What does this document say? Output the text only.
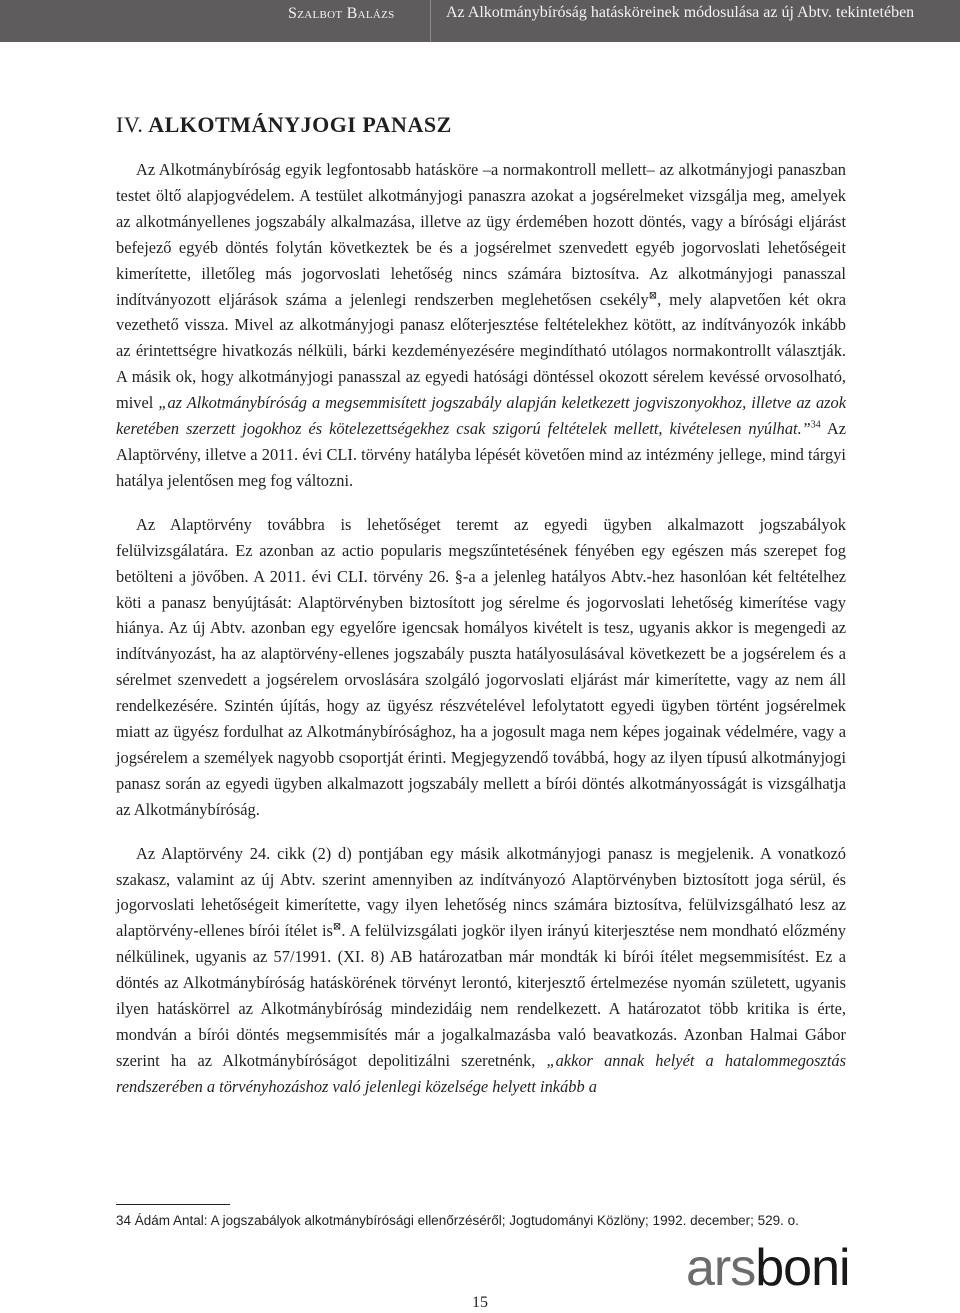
Szalbot Balázs	Az Alkotmánybíróság hatásköreinek módosulása az új Abtv. tekintetében
IV. ALKOTMÁNYJOGI PANASZ

Az Alkotmánybíróság egyik legfontosabb hatásköre –a normakontroll mellett– az alkotmányjogi panaszban testet öltő alapjogvédelem. A testület alkotmányjogi panaszra azokat a jogsérelmeket vizsgálja meg, amelyek az alkotmányellenes jogszabály alkalmazása, illetve az ügy érdemében hozott döntés, vagy a bírósági eljárást befejező egyéb döntés folytán következtek be és a jogsérelmet szenvedett egyéb jogorvoslati lehetőségeit kimerítette, illetőleg más jogorvoslati lehetőség nincs számára biztosítva. Az alkotmányjogi panasszal indítványozott eljárások száma a jelenlegi rendszerben meglehetősen csekély⊠, mely alapvetően két okra vezethető vissza. Mivel az alkotmányjogi panasz előterjesztése feltételekhez kötött, az indítványozók inkább az érintettségre hivatkozás nélküli, bárki kezdeményezésére megindítható utólagos normakontrollt választják. A másik ok, hogy alkotmányjogi panasszal az egyedi hatósági döntéssel okozott sérelem kevéssé orvosolható, mivel „az Alkotmánybíróság a megsemmisített jogszabály alapján keletkezett jogviszonyokhoz, illetve az azok keretében szerzett jogokhoz és kötelezettségekhez csak szigorú feltételek mellett, kivételesen nyúlhat.”$^{34}$ Az Alaptörvény, illetve a 2011. évi CLI. törvény hatályba lépését követően mind az intézmény jellege, mind tárgyi hatálya jelentősen meg fog változni.

Az Alaptörvény továbbra is lehetőséget teremt az egyedi ügyben alkalmazott jogszabályok felülvizsgálatára. Ez azonban az actio popularis megszűntetésének fényében egy egészen más szerepet fog betölteni a jövőben. A 2011. évi CLI. törvény 26. §-a a jelenleg hatályos Abtv.-hez hasonlóan két feltételhez köti a panasz benyújtását: Alaptörvényben biztosított jog sérelme és jogorvoslati lehetőség kimerítése vagy hiánya. Az új Abtv. azonban egy egyelőre igencsak homályos kivételt is tesz, ugyanis akkor is megengedi az indítványozást, ha az alaptörvény-ellenes jogszabály puszta hatályosulásával következett be a jogsérelem és a sérelmet szenvedett a jogsérelem orvoslására szolgáló jogorvoslati eljárást már kimerítette, vagy az nem áll rendelkezésére. Szintén újítás, hogy az ügyész részvételével lefolytatott egyedi ügyben történt jogsérelmek miatt az ügyész fordulhat az Alkotmánybírósághoz, ha a jogosult maga nem képes jogainak védelmére, vagy a jogsérelem a személyek nagyobb csoportját érinti. Megjegyzendő továbbá, hogy az ilyen típusú alkotmányjogi panasz során az egyedi ügyben alkalmazott jogszabály mellett a bírói döntés alkotmányosságát is vizsgálhatja az Alkotmánybíróság.

Az Alaptörvény 24. cikk (2) d) pontjában egy másik alkotmányjogi panasz is megjelenik. A vonatkozó szakasz, valamint az új Abtv. szerint amennyiben az indítványozó Alaptörvényben biztosított joga sérül, és jogorvoslati lehetőségeit kimerítette, vagy ilyen lehetőség nincs számára biztosítva, felülvizsgálható lesz az alaptörvény-ellenes bírói ítélet is⊠. A felülvizsgálati jogkör ilyen irányú kiterjesztése nem mondható előzmény nélkülinek, ugyanis az 57/1991. (XI. 8) AB határozatban már mondták ki bírói ítélet megsemmisítést. Ez a döntés az Alkotmánybíróság hatáskörének törvényt lerontó, kiterjesztő értelmezése nyomán született, ugyanis ilyen hatáskörrel az Alkotmánybíróság mindezidáig nem rendelkezett. A határozatot több kritika is érte, mondván a bírói döntés megsemmisítés már a jogalkalmazásba való beavatkozás. Azonban Halmai Gábor szerint ha az Alkotmánybíróságot depolitizálni szeretnénk, „akkor annak helyét a hatalommegosztás rendszerében a törvényhozáshoz való jelenlegi közelsége helyett inkább a

34 Ádám Antal: A jogszabályok alkotmánybírósági ellenőrzéséről; Jogtudományi Közlöny; 1992. december; 529. o.
arsboni
15
